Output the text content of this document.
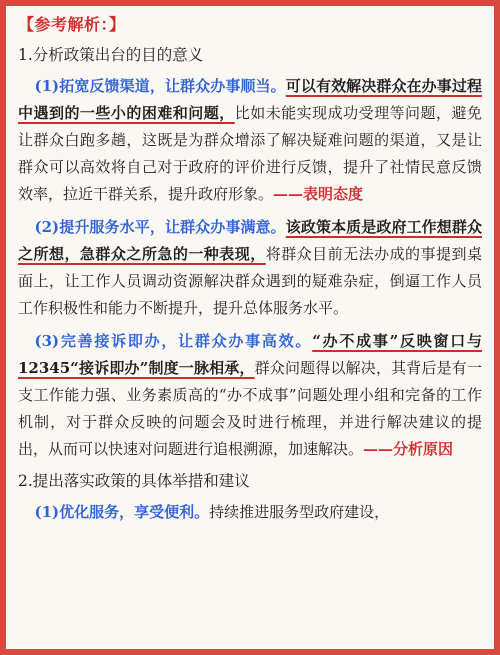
【参考解析：】
1.分析政策出台的目的意义

(1)拓宽反馈渠道，让群众办事顺当。可以有效解决群众在办事过程中遇到的一些小的困难和问题，比如未能实现成功受理等问题，避免让群众白跑多趟，这既是为群众增添了解决疑难问题的渠道，又是让群众可以高效将自己对于政府的评价进行反馈，提升了社情民意反馈效率，拉近干群关系，提升政府形象。——表明态度

(2)提升服务水平，让群众办事满意。该政策本质是政府工作想群众之所想，急群众之所急的一种表现，将群众目前无法办成的事提到桌面上，让工作人员调动资源解决群众遇到的疑难杂症，倒逼工作人员工作积极性和能力不断提升，提升总体服务水平。

(3)完善接诉即办，让群众办事高效。“办不成事”反映窗口与12345“接诉即办”制度一脉相承，群众问题得以解决，其背后是有一支工作能力强、业务素质高的“办不成事”问题处理小组和完备的工作机制，对于群众反映的问题会及时进行梳理，并进行解决建议的提出，从而可以快速对问题进行追根溯源，加速解决。——分析原因

2.提出落实政策的具体举措和建议

(1)优化服务，享受便利。持续推进服务型政府建设，
